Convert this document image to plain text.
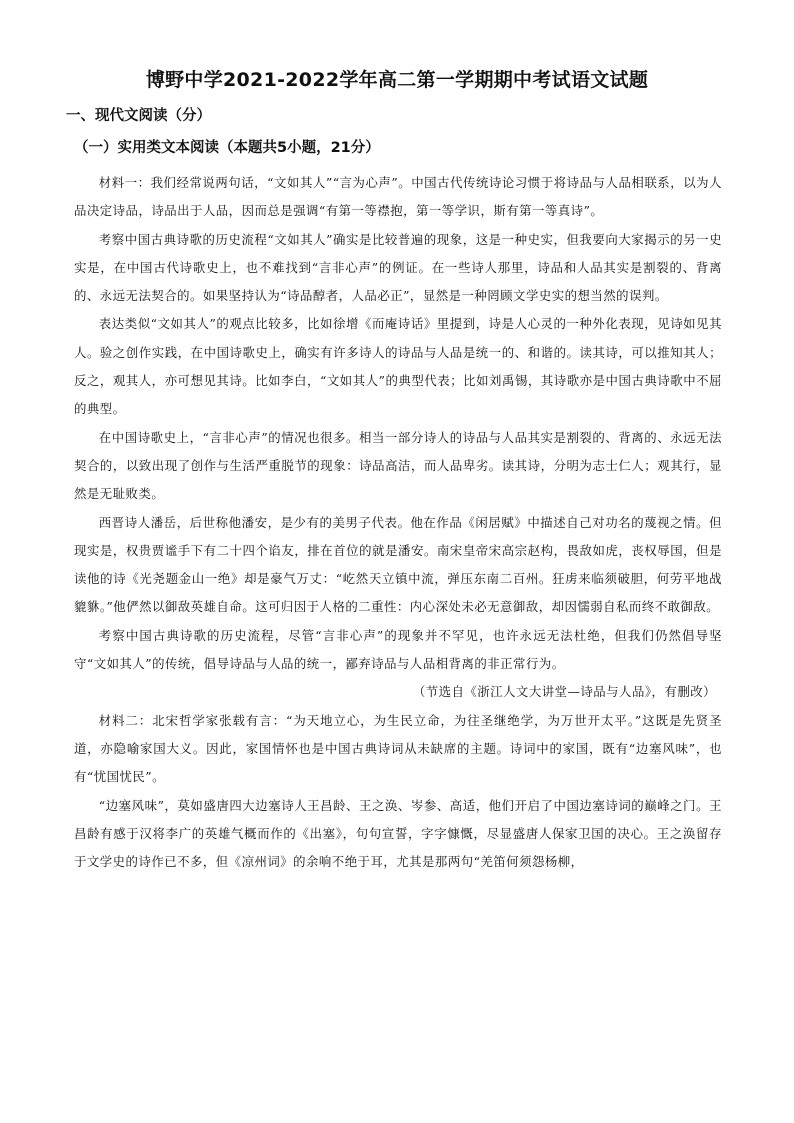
博野中学2021-2022学年高二第一学期期中考试语文试题
一、现代文阅读（分）
（一）实用类文本阅读（本题共5小题，21分）

材料一：我们经常说两句话，“文如其人”“言为心声”。中国古代传统诗论习惯于将诗品与人品相联系，以为人品决定诗品，诗品出于人品，因而总是强调“有第一等襟抱，第一等学识，斯有第一等真诗”。

考察中国古典诗歌的历史流程“文如其人”确实是比较普遍的现象，这是一种史实，但我要向大家揭示的另一史实是，在中国古代诗歌史上，也不难找到“言非心声”的例证。在一些诗人那里，诗品和人品其实是割裂的、背离的、永远无法契合的。如果坚持认为“诗品醇者，人品必正”，显然是一种罔顾文学史实的想当然的误判。

表达类似“文如其人”的观点比较多，比如徐增《而庵诗话》里提到，诗是人心灵的一种外化表现，见诗如见其人。验之创作实践，在中国诗歌史上，确实有许多诗人的诗品与人品是统一的、和谐的。读其诗，可以推知其人；反之，观其人，亦可想见其诗。比如李白，“文如其人”的典型代表；比如刘禹锡，其诗歌亦是中国古典诗歌中不屈的典型。

在中国诗歌史上，“言非心声”的情况也很多。相当一部分诗人的诗品与人品其实是割裂的、背离的、永远无法契合的，以致出现了创作与生活严重脱节的现象：诗品高洁，而人品卑劣。读其诗，分明为志士仁人；观其行，显然是无耻败类。

西晋诗人潘岳，后世称他潘安，是少有的美男子代表。他在作品《闲居赋》中描述自己对功名的蔑视之情。但现实是，权贵贾谧手下有二十四个谄友，排在首位的就是潘安。南宋皇帝宋高宗赵构，畏敌如虎，丧权辱国，但是读他的诗《光尧题金山一绝》却是豪气万丈：“屹然天立镇中流，弹压东南二百州。狂虏来临须破胆，何劳平地战貔貅。”他俨然以御敌英雄自命。这可归因于人格的二重性：内心深处未必无意御敌，却因懦弱自私而终不敢御敌。

考察中国古典诗歌的历史流程，尽管“言非心声”的现象并不罕见，也许永远无法杜绝，但我们仍然倡导坚守“文如其人”的传统，倡导诗品与人品的统一，鄙弃诗品与人品相背离的非正常行为。

（节选自《浙江人文大讲堂—诗品与人品》，有删改）

材料二：北宋哲学家张载有言：“为天地立心，为生民立命，为往圣继绝学，为万世开太平。”这既是先贤圣道，亦隐喻家国大义。因此，家国情怀也是中国古典诗词从未缺席的主题。诗词中的家国，既有“边塞风味”，也有“忧国忧民”。

“边塞风味”，莫如盛唐四大边塞诗人王昌龄、王之涣、岑参、高适，他们开启了中国边塞诗词的巅峰之门。王昌龄有感于汉将李广的英雄气概而作的《出塞》，句句宣誓，字字慷慨，尽显盛唐人保家卫国的决心。王之涣留存于文学史的诗作已不多，但《凉州词》的余响不绝于耳，尤其是那两句“羌笛何须怨杨柳，
